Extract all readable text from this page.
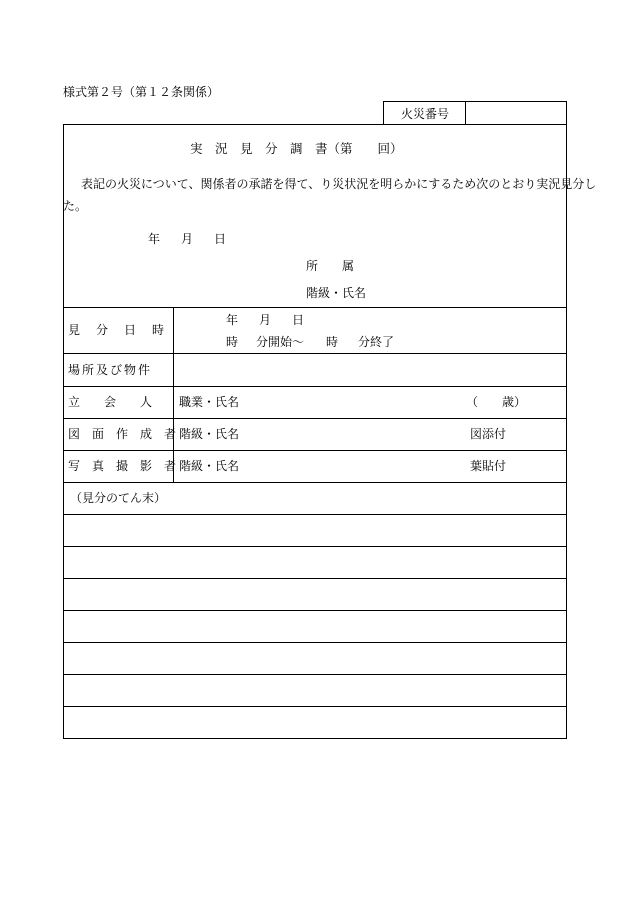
様式第２号（第１２条関係）
火災番号
実　況　見　分　調　書（第　　回）
表記の火災について、関係者の承諾を得て、り災状況を明らかにするため次のとおり実況見分し
た。
年 月 日
所　　属
階級・氏名
見　分　日　時
年 月 日
時 分開始～ 時 分終了
場所及び物件
立　　会　　人 職業・氏名	（　　歳）
図　面　作　成　者 階級・氏名	図添付
写　真　撮　影　者 階級・氏名	葉貼付
（見分のてん末）
